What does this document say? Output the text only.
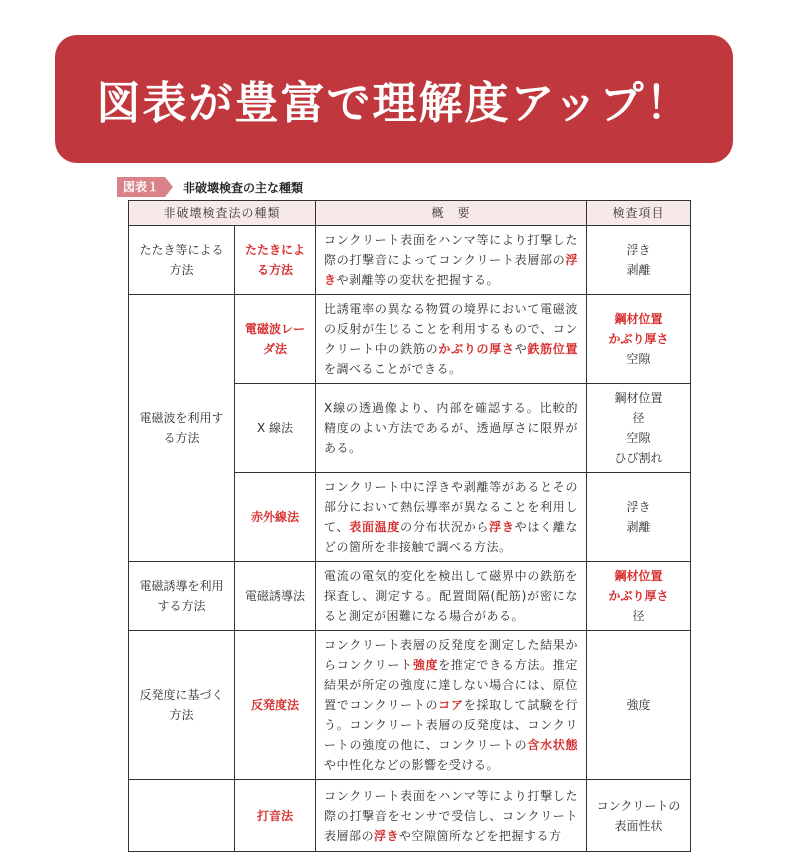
図表が豊富で理解度アップ！
図表１	非破壊検査の主な種類
非破壊検査法の種類		概　要	検査項目
たたき等による方法	たたきによる方法	コンクリート表面をハンマ等により打撃した際の打撃音によってコンクリート表層部の浮きや剥離等の変状を把握する。	浮き
剥離

電磁波を利用する方法	電磁波レーダ法	比誘電率の異なる物質の境界において電磁波の反射が生じることを利用するもので、コンクリート中の鉄筋のかぶりの厚さや鉄筋位置を調べることができる。	鋼材位置
かぶり厚さ
空隙

	X 線法	X線の透過像より、内部を確認する。比較的精度のよい方法であるが、透過厚さに限界がある。	鋼材位置
径
空隙
ひび割れ

	赤外線法	コンクリート中に浮きや剥離等があるとその部分において熱伝導率が異なることを利用して、表面温度の分布状況から浮きやはく離などの箇所を非接触で調べる方法。	浮き
剥離

電磁誘導を利用する方法	電磁誘導法	電流の電気的変化を検出して磁界中の鉄筋を探査し、測定する。配置間隔(配筋)が密になると測定が困難になる場合がある。	鋼材位置
かぶり厚さ
径

反発度に基づく方法	反発度法	コンクリート表層の反発度を測定した結果からコンクリート強度を推定できる方法。推定結果が所定の強度に達しない場合には、原位置でコンクリートのコアを採取して試験を行う。コンクリート表層の反発度は、コンクリートの強度の他に、コンクリートの含水状態や中性化などの影響を受ける。	強度

	打音法	コンクリート表面をハンマ等により打撃した際の打撃音をセンサで受信し、コンクリート表層部の浮きや空隙箇所などを把握する方	コンクリートの表面性状
